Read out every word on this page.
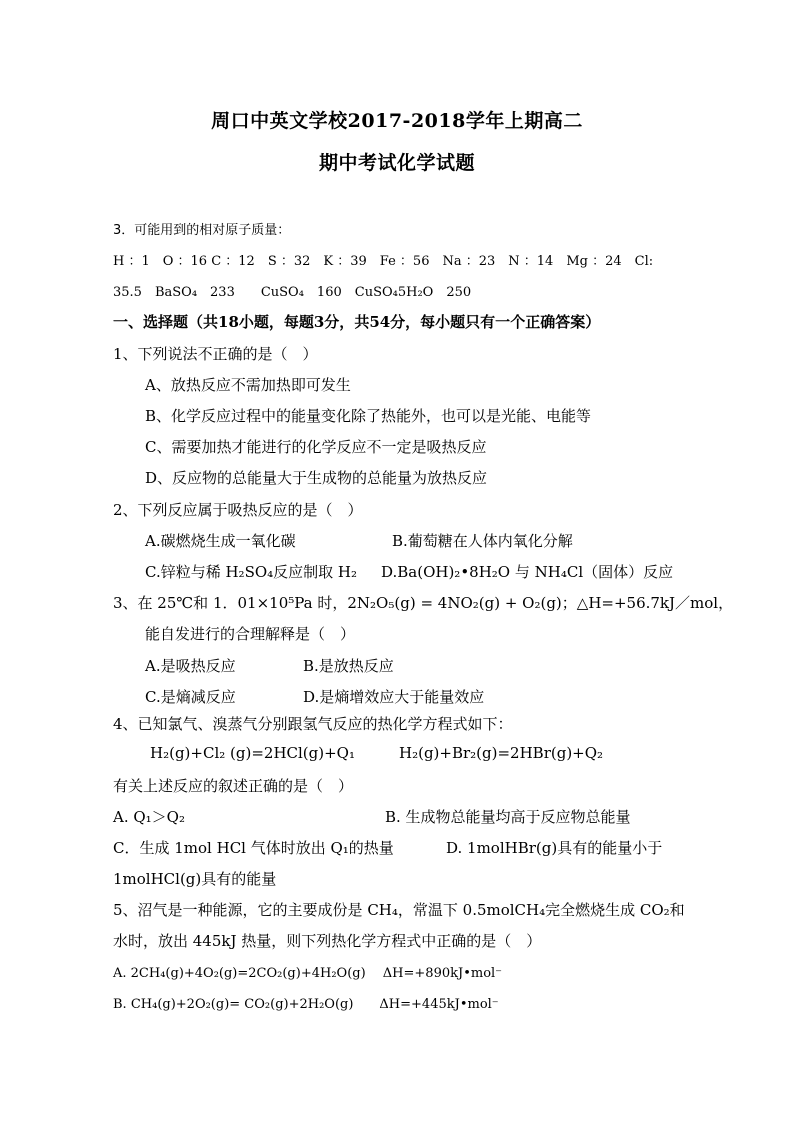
周口中英文学校2017-2018学年上期高二
期中考试化学试题
3．可能用到的相对原子质量：
H ：1　O ：16 C ：12　S ：32　K ：39　Fe ：56　Na ：23　N ：14　Mg ：24　Cl:
35.5　BaSO₄　233　　CuSO₄　160　CuSO₄5H₂O　250
一、选择题（共18小题，每题3分，共54分，每小题只有一个正确答案）
1、下列说法不正确的是（　）
A、放热反应不需加热即可发生
B、化学反应过程中的能量变化除了热能外，也可以是光能、电能等
C、需要加热才能进行的化学反应不一定是吸热反应
D、反应物的总能量大于生成物的总能量为放热反应
2、下列反应属于吸热反应的是（　）
A.碳燃烧生成一氧化碳	B.葡萄糖在人体内氧化分解
C.锌粒与稀 H₂SO₄反应制取 H₂ D.Ba(OH)₂•8H₂O 与 NH₄Cl（固体）反应
3、在 25℃和 1．01×10⁵Pa 时，2N₂O₅(g) = 4NO₂(g) + O₂(g)；△H=+56.7kJ／mol，
能自发进行的合理解释是（　）
A.是吸热反应	B.是放热反应
C.是熵减反应	D.是熵增效应大于能量效应
4、已知氯气、溴蒸气分别跟氢气反应的热化学方程式如下：
H₂(g)+Cl₂ (g)=2HCl(g)+Q₁	H₂(g)+Br₂(g)=2HBr(g)+Q₂
有关上述反应的叙述正确的是（　）
A. Q₁＞Q₂	B. 生成物总能量均高于反应物总能量
C．生成 1mol HCl 气体时放出 Q₁的热量	D. 1molHBr(g)具有的能量小于
1molHCl(g)具有的能量
5、沼气是一种能源，它的主要成份是 CH₄，常温下 0.5molCH₄完全燃烧生成 CO₂和
水时，放出 445kJ 热量，则下列热化学方程式中正确的是（　）
A. 2CH₄(g)+4O₂(g)=2CO₂(g)+4H₂O(g)　 ΔH=+890kJ•mol⁻
B. CH₄(g)+2O₂(g)= CO₂(g)+2H₂O(g)　　ΔH=+445kJ•mol⁻
